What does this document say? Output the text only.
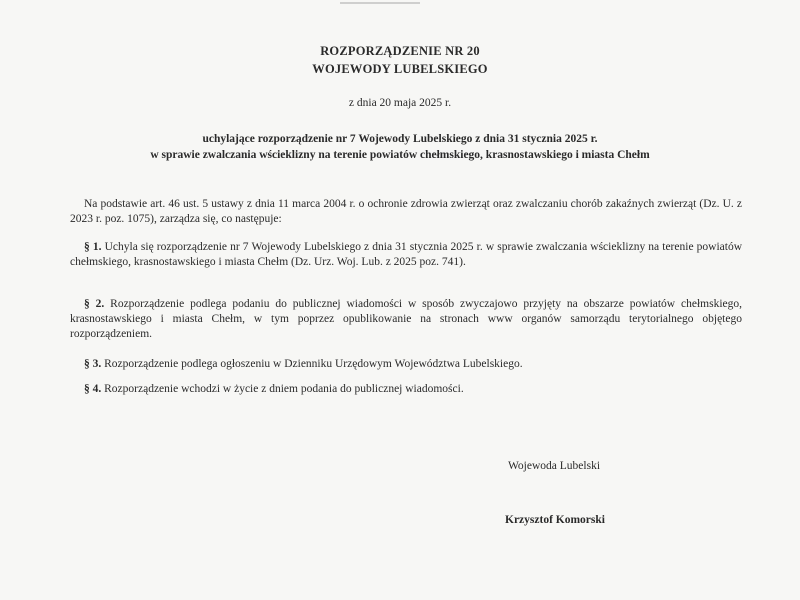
ROZPORZĄDZENIE NR 20
WOJEWODY LUBELSKIEGO
z dnia 20 maja 2025 r.
uchylające rozporządzenie nr 7 Wojewody Lubelskiego z dnia 31 stycznia 2025 r.
w sprawie zwalczania wścieklizny na terenie powiatów chełmskiego, krasnostawskiego i miasta Chełm
Na podstawie art. 46 ust. 5 ustawy z dnia 11 marca 2004 r. o ochronie zdrowia zwierząt oraz zwalczaniu chorób zakaźnych zwierząt (Dz. U. z 2023 r. poz. 1075), zarządza się, co następuje:
§ 1. Uchyla się rozporządzenie nr 7 Wojewody Lubelskiego z dnia 31 stycznia 2025 r. w sprawie zwalczania wścieklizny na terenie powiatów chełmskiego, krasnostawskiego i miasta Chełm (Dz. Urz. Woj. Lub. z 2025 poz. 741).
§ 2. Rozporządzenie podlega podaniu do publicznej wiadomości w sposób zwyczajowo przyjęty na obszarze powiatów chełmskiego, krasnostawskiego i miasta Chełm, w tym poprzez opublikowanie na stronach www organów samorządu terytorialnego objętego rozporządzeniem.
§ 3. Rozporządzenie podlega ogłoszeniu w Dzienniku Urzędowym Województwa Lubelskiego.
§ 4. Rozporządzenie wchodzi w życie z dniem podania do publicznej wiadomości.
Wojewoda Lubelski
Krzysztof Komorski
